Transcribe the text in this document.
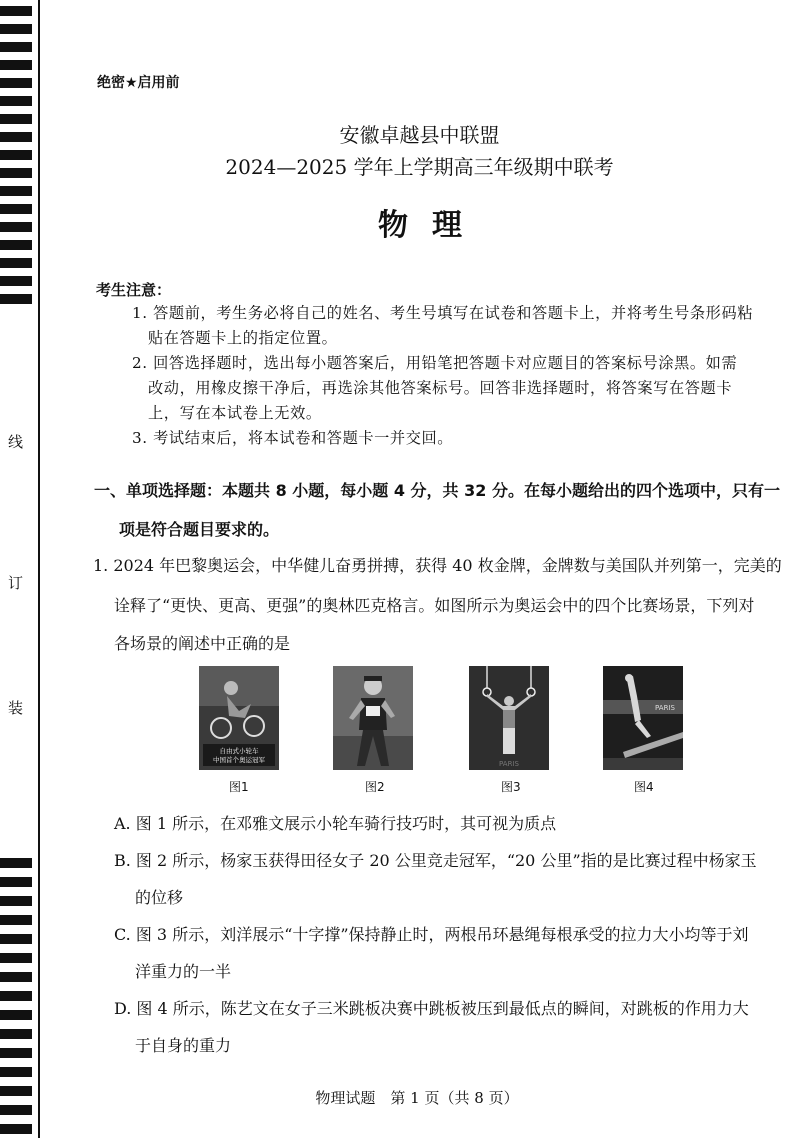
线
订
装
绝密★启用前
安徽卓越县中联盟
2024—2025 学年上学期高三年级期中联考
物理
考生注意：
1. 答题前，考生务必将自己的姓名、考生号填写在试卷和答题卡上，并将考生号条形码粘
贴在答题卡上的指定位置。
2. 回答选择题时，选出每小题答案后，用铅笔把答题卡对应题目的答案标号涂黑。如需
改动，用橡皮擦干净后，再选涂其他答案标号。回答非选择题时，将答案写在答题卡
上，写在本试卷上无效。
3. 考试结束后，将本试卷和答题卡一并交回。
一、单项选择题：本题共 8 小题，每小题 4 分，共 32 分。在每小题给出的四个选项中，只有一
项是符合题目要求的。
1. 2024 年巴黎奥运会，中华健儿奋勇拼搏，获得 40 枚金牌，金牌数与美国队并列第一，完美的
诠释了“更快、更高、更强”的奥林匹克格言。如图所示为奥运会中的四个比赛场景，下列对
各场景的阐述中正确的是
自由式小轮车
中国首个奥运冠军
图1	图2
PARIS
图3
PARIS
图4
A. 图 1 所示，在邓雅文展示小轮车骑行技巧时，其可视为质点
B. 图 2 所示，杨家玉获得田径女子 20 公里竞走冠军，“20 公里”指的是比赛过程中杨家玉
的位移
C. 图 3 所示，刘洋展示“十字撑”保持静止时，两根吊环悬绳每根承受的拉力大小均等于刘
洋重力的一半
D. 图 4 所示，陈艺文在女子三米跳板决赛中跳板被压到最低点的瞬间，对跳板的作用力大
于自身的重力
物理试题　第 1 页（共 8 页）
